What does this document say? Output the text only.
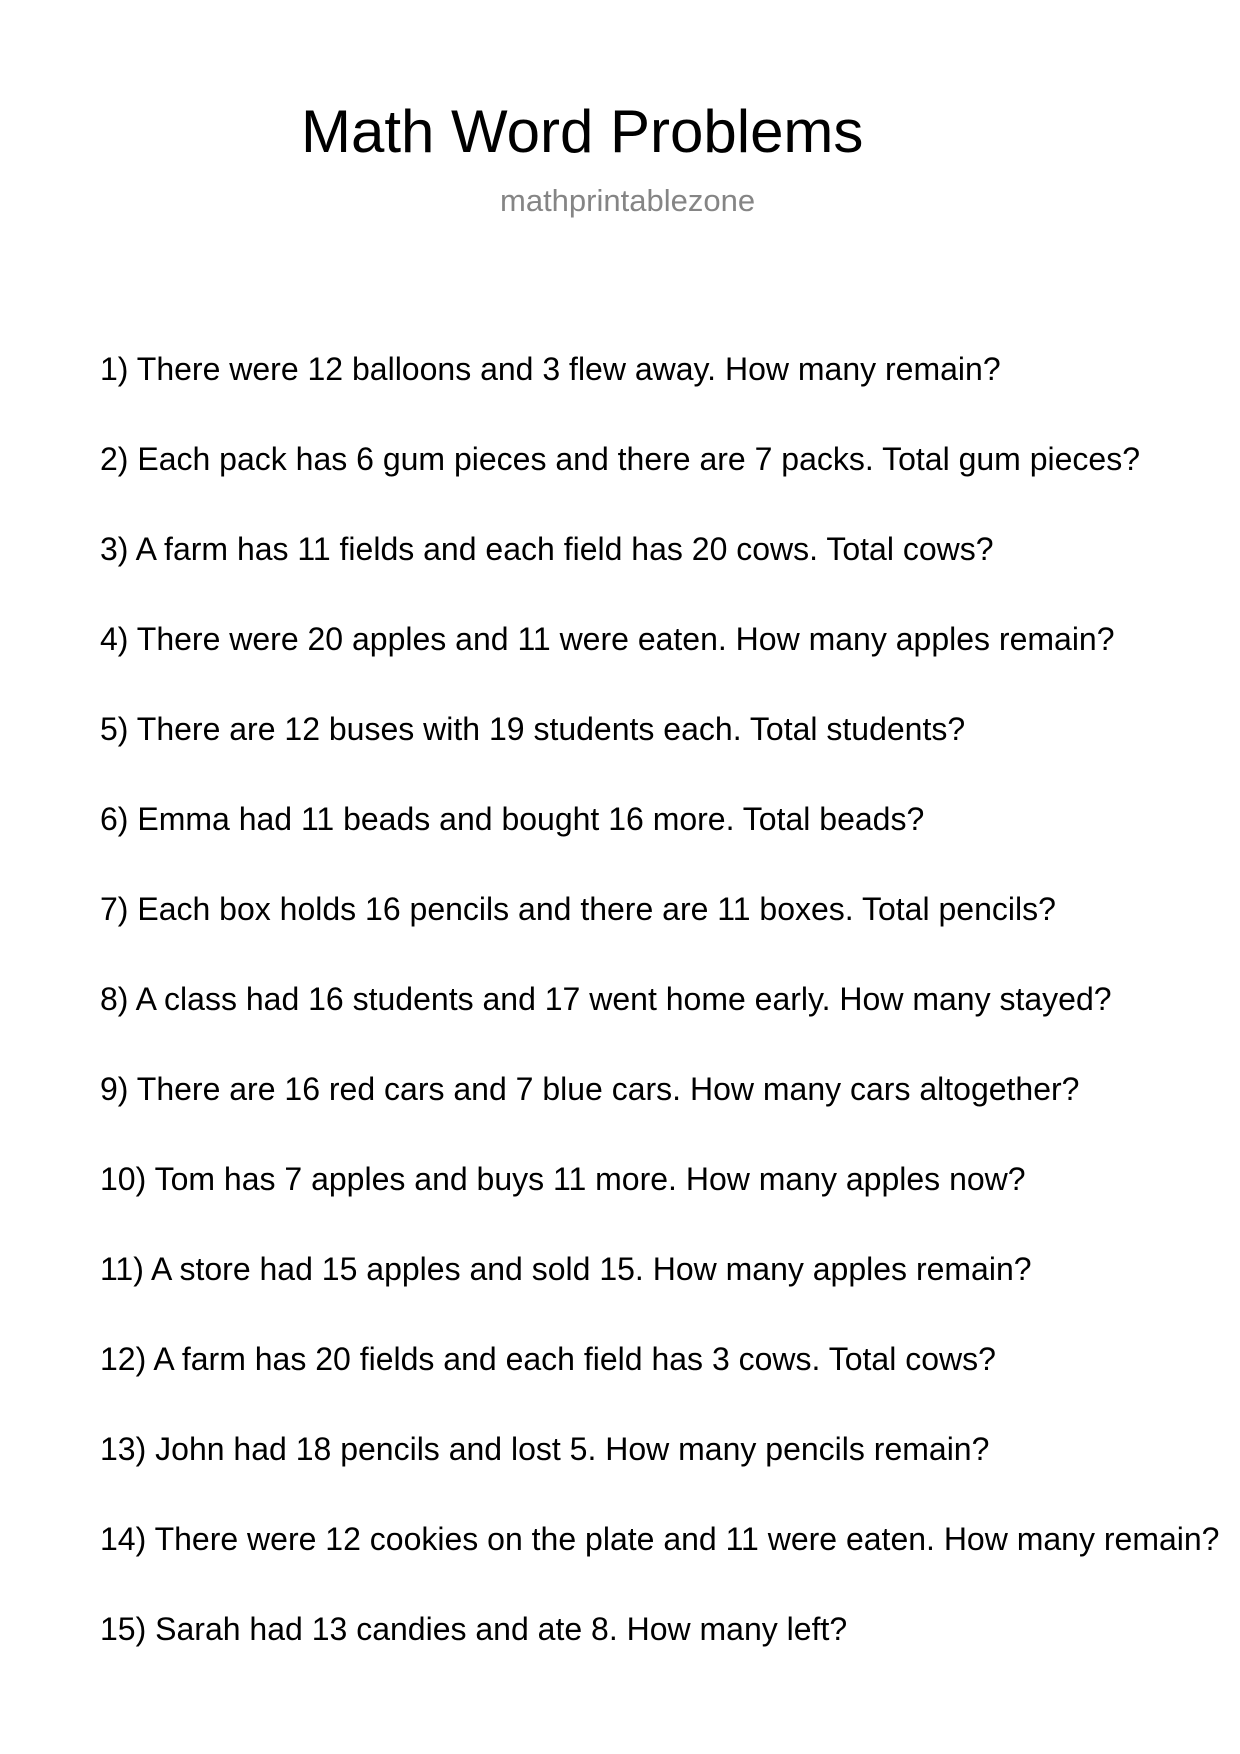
Math Word Problems
mathprintablezone
1) There were 12 balloons and 3 flew away. How many remain?
2) Each pack has 6 gum pieces and there are 7 packs. Total gum pieces?
3) A farm has 11 fields and each field has 20 cows. Total cows?
4) There were 20 apples and 11 were eaten. How many apples remain?
5) There are 12 buses with 19 students each. Total students?
6) Emma had 11 beads and bought 16 more. Total beads?
7) Each box holds 16 pencils and there are 11 boxes. Total pencils?
8) A class had 16 students and 17 went home early. How many stayed?
9) There are 16 red cars and 7 blue cars. How many cars altogether?
10) Tom has 7 apples and buys 11 more. How many apples now?
11) A store had 15 apples and sold 15. How many apples remain?
12) A farm has 20 fields and each field has 3 cows. Total cows?
13) John had 18 pencils and lost 5. How many pencils remain?
14) There were 12 cookies on the plate and 11 were eaten. How many remain?
15) Sarah had 13 candies and ate 8. How many left?
